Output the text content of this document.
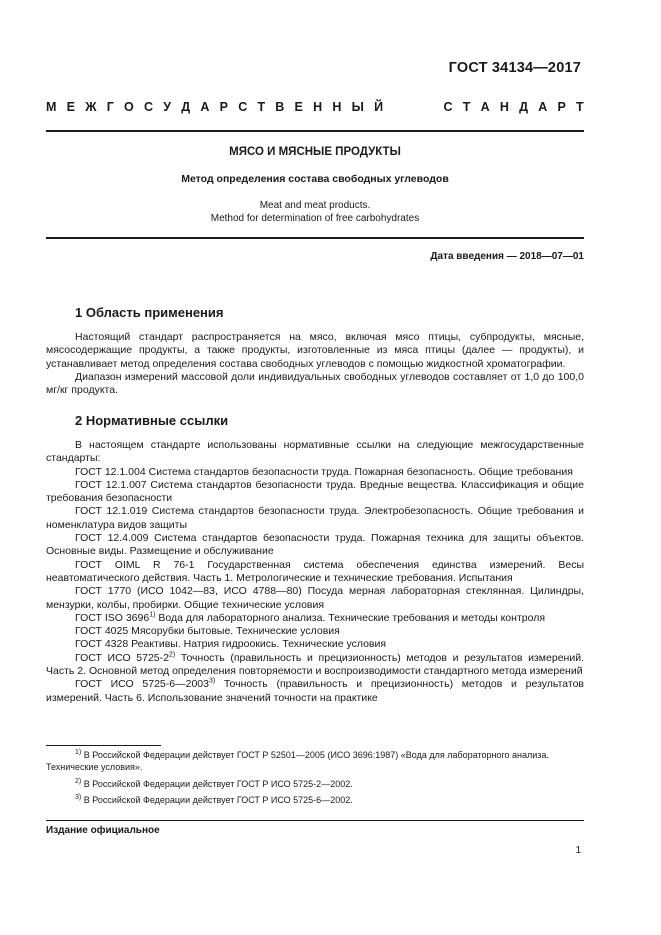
ГОСТ 34134—2017
М Е Ж Г О С У Д А Р С Т В Е Н Н Ы Й	С Т А Н Д А Р Т
МЯСО И МЯСНЫЕ ПРОДУКТЫ
Метод определения состава свободных углеводов
Meat and meat products.
Method for determination of free carbohydrates
Дата введения — 2018—07—01
1 Область применения

Настоящий стандарт распространяется на мясо, включая мясо птицы, субпродукты, мясные, мясосодержащие продукты, а также продукты, изготовленные из мяса птицы (далее — продукты), и устанавливает метод определения состава свободных углеводов с помощью жидкостной хроматографии.

Диапазон измерений массовой доли индивидуальных свободных углеводов составляет от 1,0 до 100,0 мг/кг продукта.

2 Нормативные ссылки

В настоящем стандарте использованы нормативные ссылки на следующие межгосударственные стандарты:

ГОСТ 12.1.004 Система стандартов безопасности труда. Пожарная безопасность. Общие требования

ГОСТ 12.1.007 Система стандартов безопасности труда. Вредные вещества. Классификация и общие требования безопасности

ГОСТ 12.1.019 Система стандартов безопасности труда. Электробезопасность. Общие требования и номенклатура видов защиты

ГОСТ 12.4.009 Система стандартов безопасности труда. Пожарная техника для защиты объектов. Основные виды. Размещение и обслуживание

ГОСТ OIML R 76-1 Государственная система обеспечения единства измерений. Весы неавтоматического действия. Часть 1. Метрологические и технические требования. Испытания

ГОСТ 1770 (ИСО 1042—83, ИСО 4788—80) Посуда мерная лабораторная стеклянная. Цилиндры, мензурки, колбы, пробирки. Общие технические условия

ГОСТ ISO 3696$^{1)}$ Вода для лабораторного анализа. Технические требования и методы контроля

ГОСТ 4025 Мясорубки бытовые. Технические условия

ГОСТ 4328 Реактивы. Натрия гидроокись. Технические условия

ГОСТ ИСО 5725-2$^{2)}$ Точность (правильность и прецизионность) методов и результатов измерений. Часть 2. Основной метод определения повторяемости и воспроизводимости стандартного метода измерений

ГОСТ ИСО 5725-6—2003$^{3)}$ Точность (правильность и прецизионность) методов и результатов измерений. Часть 6. Использование значений точности на практике

$^{1)}$ В Российской Федерации действует ГОСТ Р 52501—2005 (ИСО 3696:1987) «Вода для лабораторного анализа. Технические условия».

$^{2)}$ В Российской Федерации действует ГОСТ Р ИСО 5725-2—2002.

$^{3)}$ В Российской Федерации действует ГОСТ Р ИСО 5725-6—2002.

Издание официальное
1
